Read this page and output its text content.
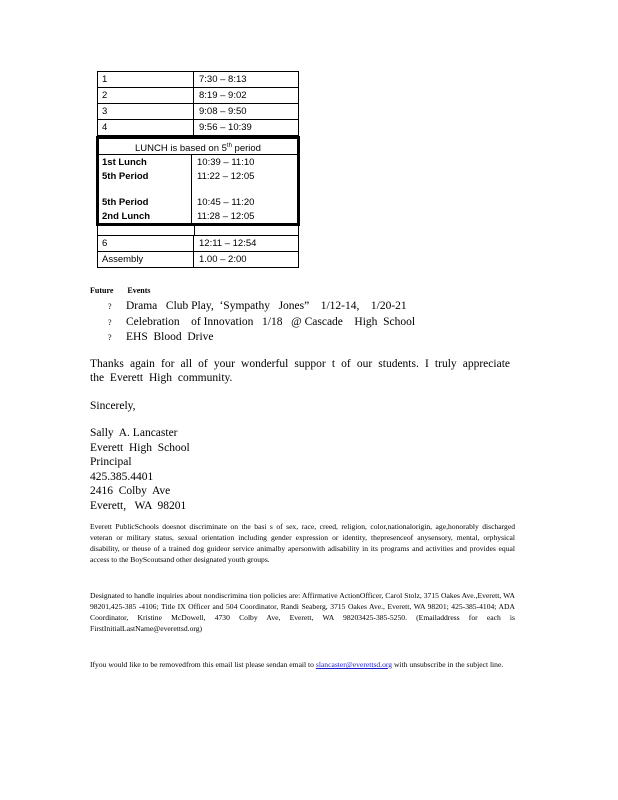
1	7:30 – 8:13
2	8:19 – 9:02
3	9:08 – 9:50
4	9:56 – 10:39
LUNCH is based on 5th period
1st Lunch	10:39 – 11:10
5th Period	11:22 – 12:05
5th Period	10:45 – 11:20
2nd Lunch	11:28 – 12:05
6	12:11 – 12:54
Assembly	1.00 – 2:00
Future Events
?	Drama   Club Play,  ‘Sympathy   Jones”    1/12-14,    1/20-21
?	Celebration    of Innovation   1/18   @ Cascade    High  School
?	EHS  Blood  Drive
Thanks again for all of your wonderful suppor t of our students. I truly appreciate the Everett High community.
Sincerely,
Sally  A. Lancaster
Everett  High  School
Principal
425.385.4401
2416  Colby  Ave
Everett,   WA  98201
Everett PublicSchools doesnot discriminate on the basi s of sex, race, creed, religion, color,nationalorigin, age,honorably discharged veteran or military status, sexual orientation including gender expression or identity, thepresenceof anysensory, mental, orphysical disability, or theuse of a trained dog guideor service animalby apersonwith adisability in its programs and activities and provides equal access to the BoyScoutsand other designated youth groups.
Designated to handle inquiries about nondiscrimina tion policies are: Affirmative ActionOfficer, Carol Stolz, 3715 Oakes Ave.,Everett, WA 98201,425-385 -4106; Title IX Officer and 504 Coordinator, Randi Seaberg, 3715 Oakes Ave., Everett, WA 98201; 425-385-4104; ADA Coordinator, Kristine McDowell, 4730 Colby Ave, Everett, WA 98203425-385-5250. (Emailaddress for each is FirstInitialLastName@everettsd.org)
Ifyou would like to be removedfrom this email list please sendan email to slancaster@everettsd.org with unsubscribe in the subject line.
